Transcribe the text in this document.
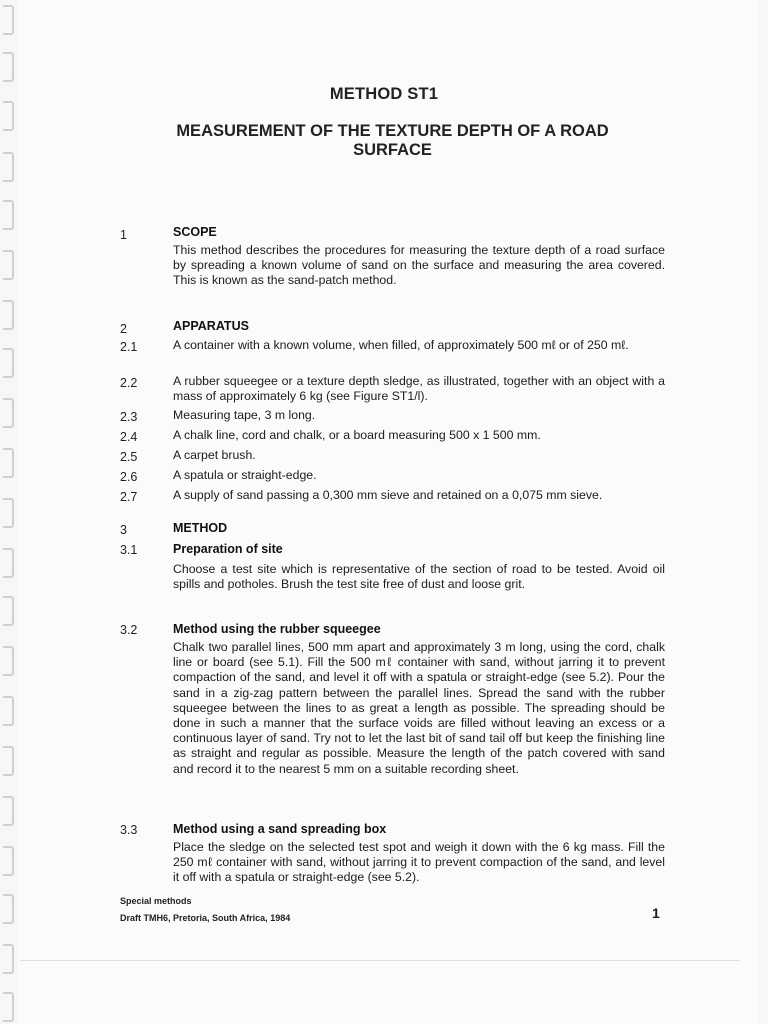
METHOD ST1
MEASUREMENT OF THE TEXTURE DEPTH OF A ROAD SURFACE
1	SCOPE
This method describes the procedures for measuring the texture depth of a road surface by spreading a known volume of sand on the surface and measuring the area covered. This is known as the sand-patch method.
2	APPARATUS
2.1	A container with a known volume, when filled, of approximately 500 mℓ or of 250 mℓ.
2.2	A rubber squeegee or a texture depth sledge, as illustrated, together with an object with a mass of approximately 6 kg (see Figure ST1/l).
2.3	Measuring tape, 3 m long.
2.4	A chalk line, cord and chalk, or a board measuring 500 x 1 500 mm.
2.5	A carpet brush.
2.6	A spatula or straight-edge.
2.7	A supply of sand passing a 0,300 mm sieve and retained on a 0,075 mm sieve.
3	METHOD
3.1	Preparation of site
Choose a test site which is representative of the section of road to be tested. Avoid oil spills and potholes. Brush the test site free of dust and loose grit.
3.2	Method using the rubber squeegee
Chalk two parallel lines, 500 mm apart and approximately 3 m long, using the cord, chalk line or board (see 5.1). Fill the 500 mℓ container with sand, without jarring it to prevent compaction of the sand, and level it off with a spatula or straight-edge (see 5.2). Pour the sand in a zig-zag pattern between the parallel lines. Spread the sand with the rubber squeegee between the lines to as great a length as possible. The spreading should be done in such a manner that the surface voids are filled without leaving an excess or a continuous layer of sand. Try not to let the last bit of sand tail off but keep the finishing line as straight and regular as possible. Measure the length of the patch covered with sand and record it to the nearest 5 mm on a suitable recording sheet.
3.3	Method using a sand spreading box
Place the sledge on the selected test spot and weigh it down with the 6 kg mass. Fill the 250 mℓ container with sand, without jarring it to prevent compaction of the sand, and level it off with a spatula or straight-edge (see 5.2).
Special methods
Draft TMH6, Pretoria, South Africa, 1984	1
